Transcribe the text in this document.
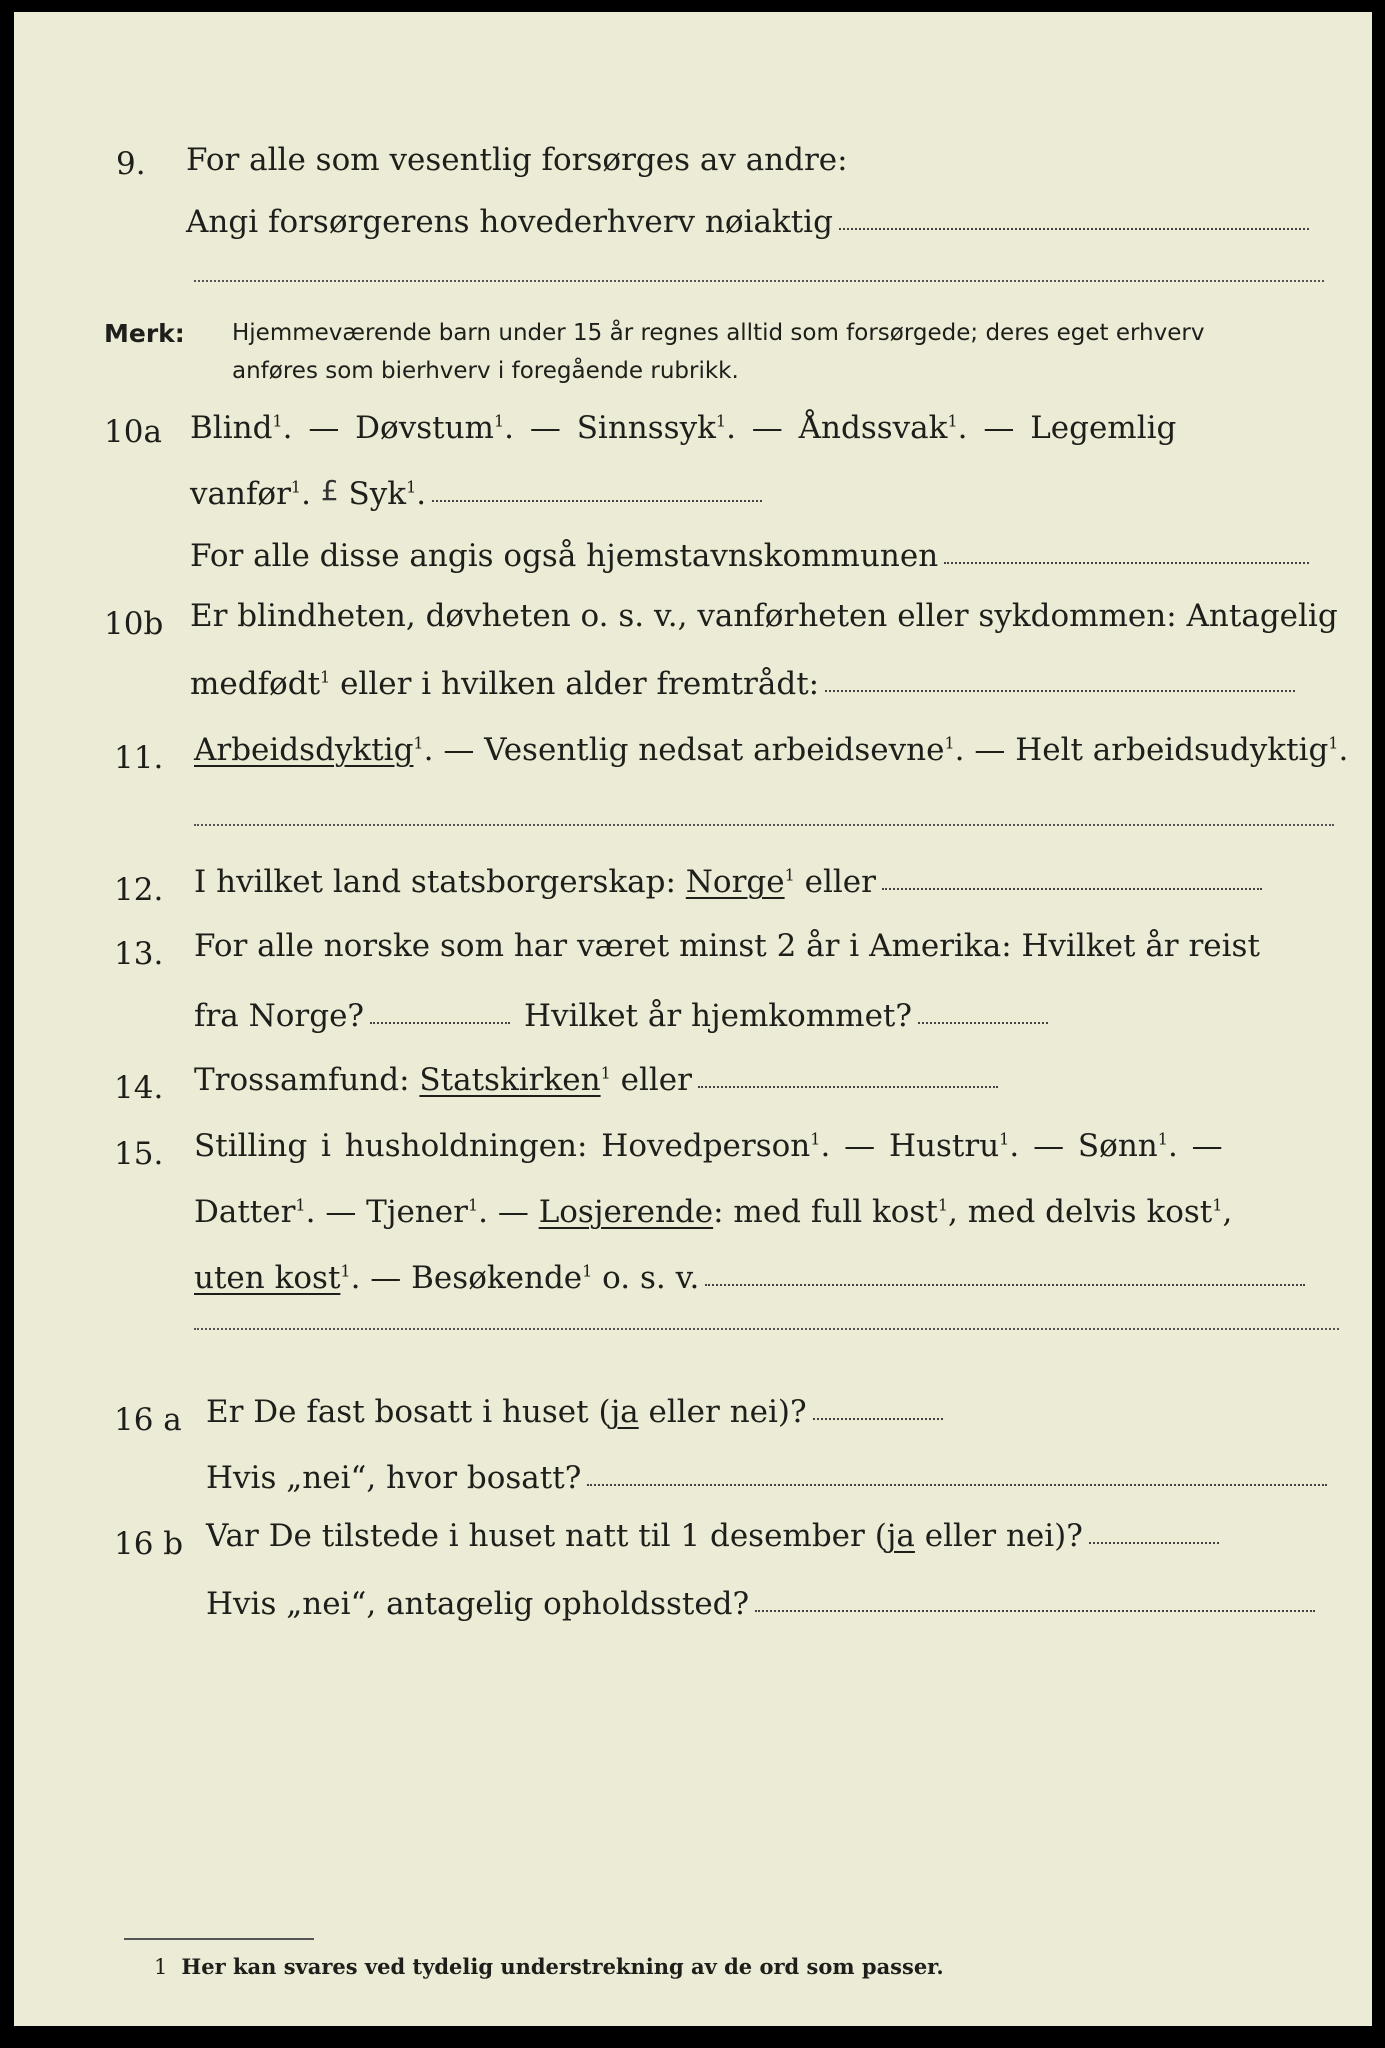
9. For alle som vesentlig forsørges av andre:
Angi forsørgerens hovederhverv nøiaktig
Merk: Hjemmeværende barn under 15 år regnes alltid som forsørgede; deres eget erhverv
anføres som bierhverv i foregående rubrikk.
10a Blind$^1$. — Døvstum$^1$. — Sinnssyk$^1$. — Åndssvak$^1$. — Legemlig
vanfør$^1$. £ Syk$^1$.
For alle disse angis også hjemstavnskommunen
10b Er blindheten, døvheten o. s. v., vanførheten eller sykdommen: Antagelig
medfødt$^1$ eller i hvilken alder fremtrådt:
11. Arbeidsdyktig$^1$. — Vesentlig nedsat arbeidsevne$^1$. — Helt arbeidsudyktig$^1$.
12. I hvilket land statsborgerskap: Norge$^1$ eller
13. For alle norske som har været minst 2 år i Amerika: Hvilket år reist
fra Norge?	Hvilket år hjemkommet?
14. Trossamfund: Statskirken$^1$ eller
15. Stilling i husholdningen: Hovedperson$^1$. — Hustru$^1$. — Sønn$^1$. —
Datter$^1$. — Tjener$^1$. — Losjerende: med full kost$^1$, med delvis kost$^1$,
uten kost$^1$. — Besøkende$^1$ o. s. v.
16 a Er De fast bosatt i huset (ja eller nei)?
Hvis „nei“, hvor bosatt?
16 b Var De tilstede i huset natt til 1 desember (ja eller nei)?
Hvis „nei“, antagelig opholdssted?
1 Her kan svares ved tydelig understrekning av de ord som passer.
